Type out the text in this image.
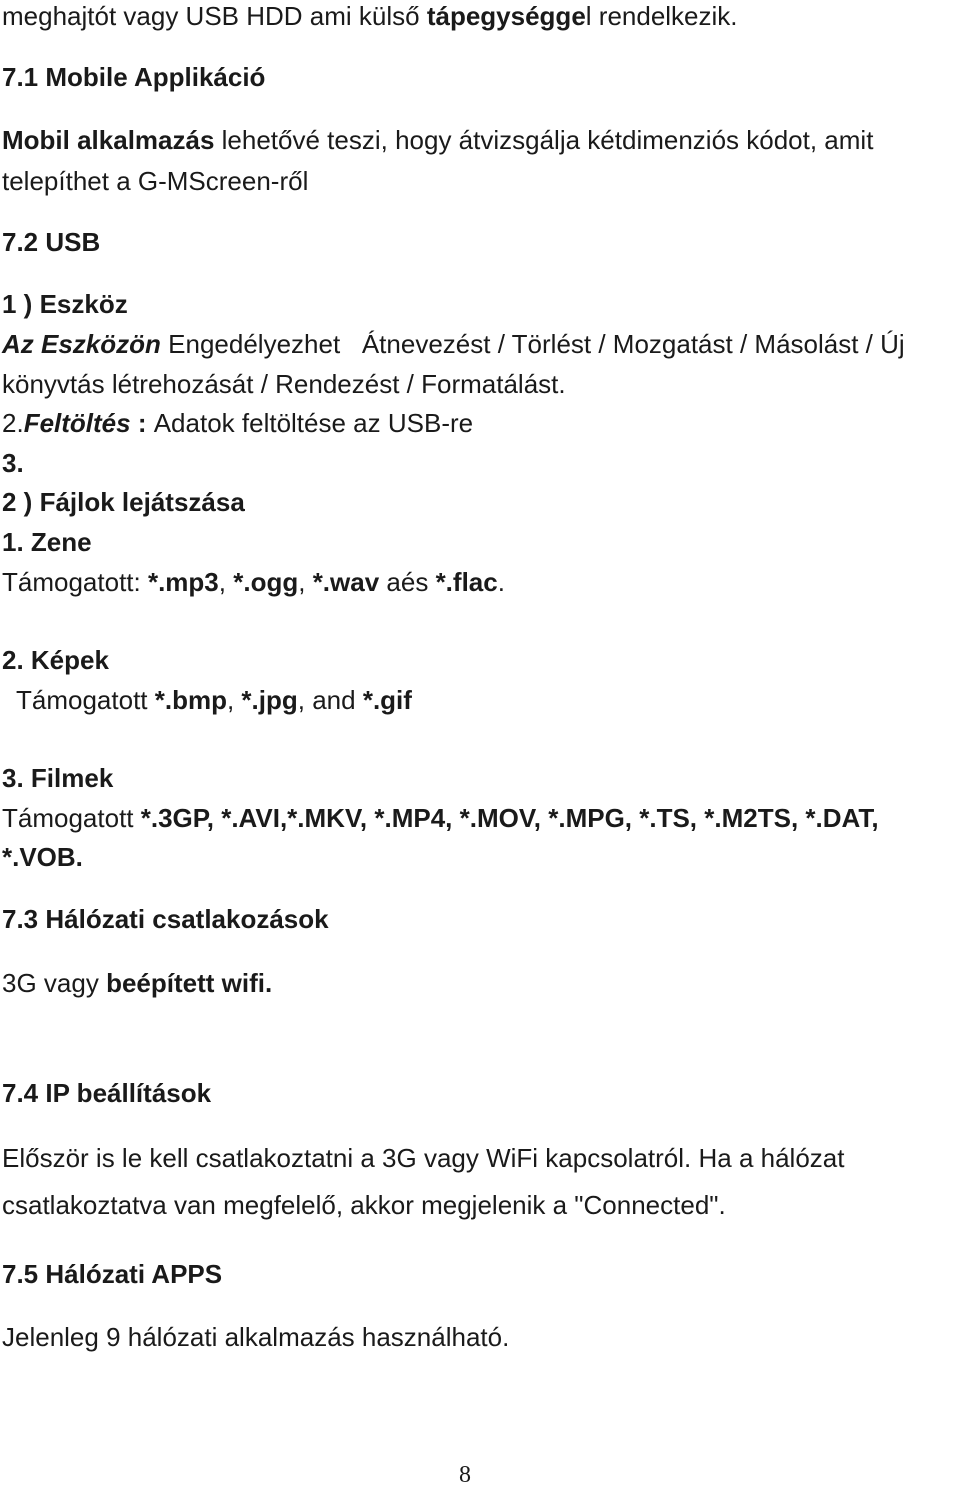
meghajtót vagy USB HDD ami külső tápegységgel rendelkezik.
7.1 Mobile Applikáció
Mobil alkalmazás lehetővé teszi, hogy átvizsgálja kétdimenziós kódot, amit
telepíthet a G-MScreen-ről
7.2 USB
1 ) Eszköz
Az Eszközön Engedélyezhet   Átnevezést / Törlést / Mozgatást / Másolást / Új
könyvtás létrehozását / Rendezést / Formatálást.
2.Feltöltés : Adatok feltöltése az USB-re
3.
2 ) Fájlok lejátszása
1. Zene
Támogatott: *.mp3, *.ogg, *.wav aés *.flac.
2. Képek
Támogatott *.bmp, *.jpg, and *.gif
3. Filmek
Támogatott *.3GP, *.AVI,*.MKV, *.MP4, *.MOV, *.MPG, *.TS, *.M2TS, *.DAT,
*.VOB.
7.3 Hálózati csatlakozások
3G vagy beépített wifi.
7.4 IP beállítások
Először is le kell csatlakoztatni a 3G vagy WiFi kapcsolatról. Ha a hálózat
csatlakoztatva van megfelelő, akkor megjelenik a "Connected".
7.5 Hálózati APPS
Jelenleg 9 hálózati alkalmazás használható.
8
